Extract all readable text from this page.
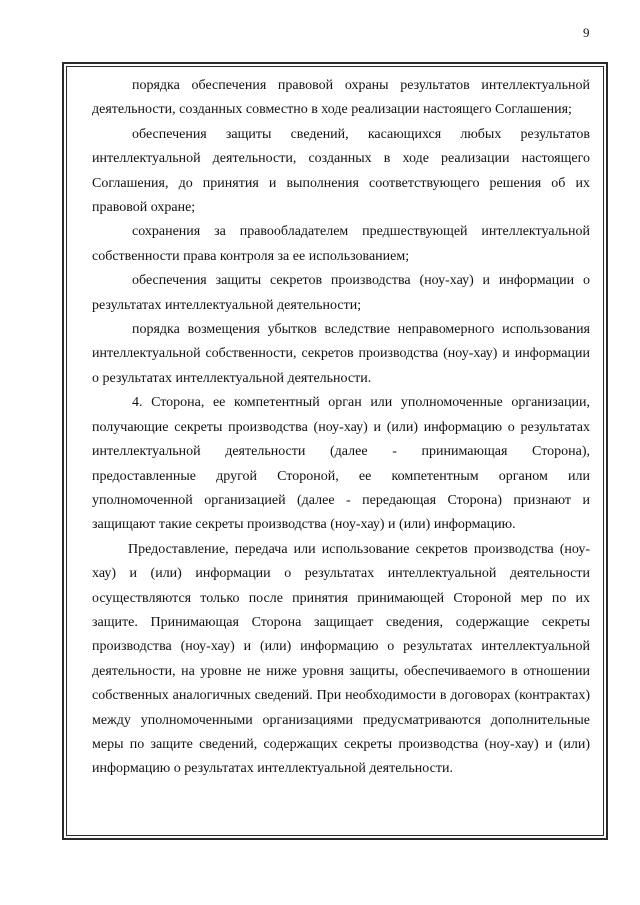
9

порядка обеспечения правовой охраны результатов интеллектуальной деятельности, созданных совместно в ходе реализации настоящего Соглашения;

обеспечения защиты сведений, касающихся любых результатов интеллектуальной деятельности, созданных в ходе реализации настоящего Соглашения, до принятия и выполнения соответствующего решения об их правовой охране;

сохранения за правообладателем предшествующей интеллектуальной собственности права контроля за ее использованием;

обеспечения защиты секретов производства (ноу-хау) и информации о результатах интеллектуальной деятельности;

порядка возмещения убытков вследствие неправомерного использования интеллектуальной собственности, секретов производства (ноу-хау) и информации о результатах интеллектуальной деятельности.

4. Сторона, ее компетентный орган или уполномоченные организации, получающие секреты производства (ноу-хау) и (или) информацию о результатах интеллектуальной деятельности (далее - принимающая Сторона), предоставленные другой Стороной, ее компетентным органом или уполномоченной организацией (далее - передающая Сторона) признают и защищают такие секреты производства (ноу-хау) и (или) информацию.

Предоставление, передача или использование секретов производства (ноу-хау) и (или) информации о результатах интеллектуальной деятельности осуществляются только после принятия принимающей Стороной мер по их защите. Принимающая Сторона защищает сведения, содержащие секреты производства (ноу-хау) и (или) информацию о результатах интеллектуальной деятельности, на уровне не ниже уровня защиты, обеспечиваемого в отношении собственных аналогичных сведений. При необходимости в договорах (контрактах) между уполномоченными организациями предусматриваются дополнительные меры по защите сведений, содержащих секреты производства (ноу-хау) и (или) информацию о результатах интеллектуальной деятельности.
